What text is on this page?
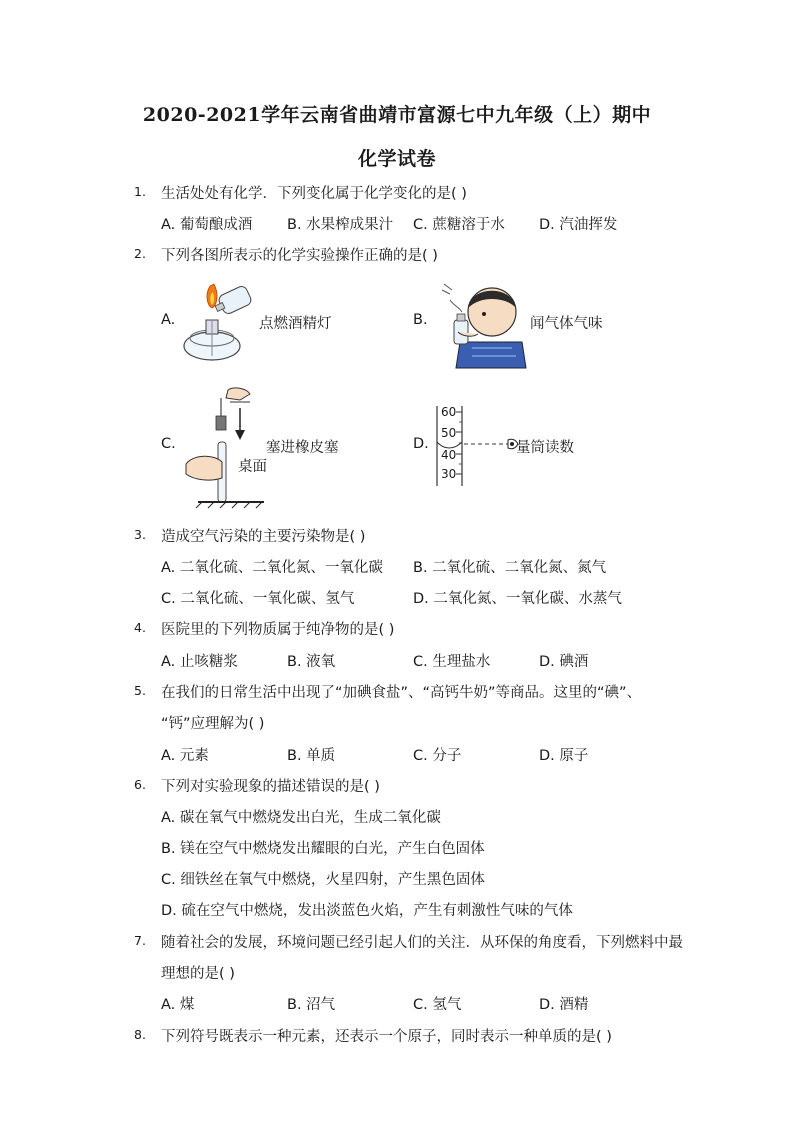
2020-2021学年云南省曲靖市富源七中九年级（上）期中
化学试卷
1. 生活处处有化学．下列变化属于化学变化的是( )
A. 葡萄酿成酒 B. 水果榨成果汁 C. 蔗糖溶于水 D. 汽油挥发
2. 下列各图所表示的化学实验操作正确的是( )
A.	点燃酒精灯	B.	闻气体气味
C.	塞进橡皮塞
桌面
D.
60
50
40
30
量筒读数
3. 造成空气污染的主要污染物是( )
A. 二氧化硫、二氧化氮、一氧化碳 B. 二氧化硫、二氧化氮、氮气
C. 二氧化硫、一氧化碳、氢气	D. 二氧化氮、一氧化碳、水蒸气
4. 医院里的下列物质属于纯净物的是( )
A. 止咳糖浆	B. 液氧	C. 生理盐水	D. 碘酒
5. 在我们的日常生活中出现了“加碘食盐”、“高钙牛奶”等商品。这里的“碘”、
“钙”应理解为( )
A. 元素	B. 单质	C. 分子	D. 原子
6. 下列对实验现象的描述错误的是( )
A. 碳在氧气中燃烧发出白光，生成二氧化碳
B. 镁在空气中燃烧发出耀眼的白光，产生白色固体
C. 细铁丝在氧气中燃烧，火星四射，产生黑色固体
D. 硫在空气中燃烧，发出淡蓝色火焰，产生有刺激性气味的气体
7. 随着社会的发展，环境问题已经引起人们的关注．从环保的角度看，下列燃料中最
理想的是( )
A. 煤	B. 沼气	C. 氢气	D. 酒精
8. 下列符号既表示一种元素，还表示一个原子，同时表示一种单质的是( )
